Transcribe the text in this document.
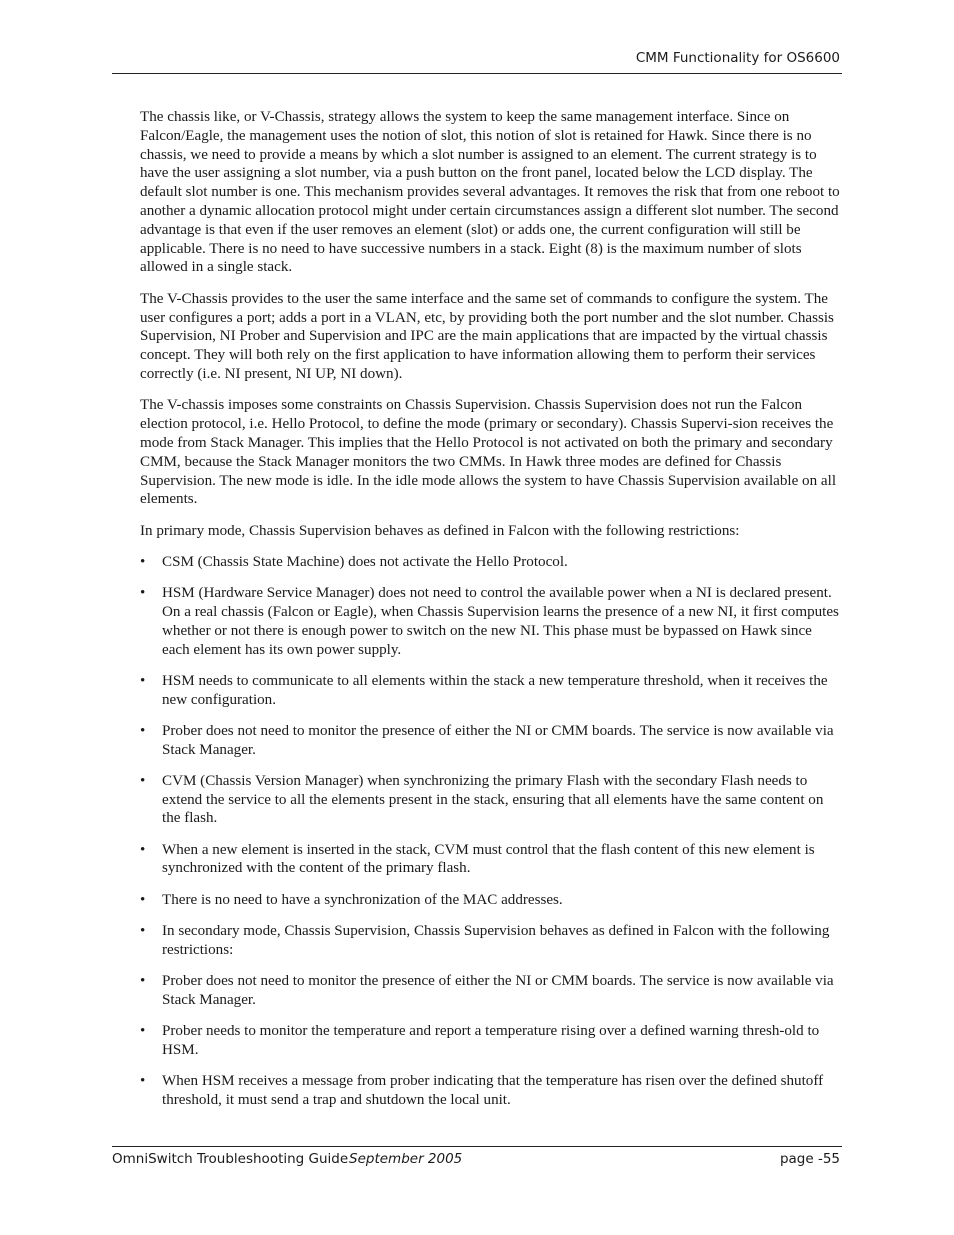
CMM Functionality for OS6600

The chassis like, or V-Chassis, strategy allows the system to keep the same management interface. Since on Falcon/Eagle, the management uses the notion of slot, this notion of slot is retained for Hawk. Since there is no chassis, we need to provide a means by which a slot number is assigned to an element. The current strategy is to have the user assigning a slot number, via a push button on the front panel, located below the LCD display. The default slot number is one. This mechanism provides several advantages. It removes the risk that from one reboot to another a dynamic allocation protocol might under certain circumstances assign a different slot number. The second advantage is that even if the user removes an element (slot) or adds one, the current configuration will still be applicable. There is no need to have successive numbers in a stack. Eight (8) is the maximum number of slots allowed in a single stack.

The V-Chassis provides to the user the same interface and the same set of commands to configure the system. The user configures a port; adds a port in a VLAN, etc, by providing both the port number and the slot number. Chassis Supervision, NI Prober and Supervision and IPC are the main applications that are impacted by the virtual chassis concept. They will both rely on the first application to have information allowing them to perform their services correctly (i.e. NI present, NI UP, NI down).

The V-chassis imposes some constraints on Chassis Supervision. Chassis Supervision does not run the Falcon election protocol, i.e. Hello Protocol, to define the mode (primary or secondary). Chassis Supervi-sion receives the mode from Stack Manager. This implies that the Hello Protocol is not activated on both the primary and secondary CMM, because the Stack Manager monitors the two CMMs. In Hawk three modes are defined for Chassis Supervision. The new mode is idle. In the idle mode allows the system to have Chassis Supervision available on all elements.

In primary mode, Chassis Supervision behaves as defined in Falcon with the following restrictions:

• CSM (Chassis State Machine) does not activate the Hello Protocol.
• HSM (Hardware Service Manager) does not need to control the available power when a NI is declared present. On a real chassis (Falcon or Eagle), when Chassis Supervision learns the presence of a new NI, it first computes whether or not there is enough power to switch on the new NI. This phase must be bypassed on Hawk since each element has its own power supply.
• HSM needs to communicate to all elements within the stack a new temperature threshold, when it receives the new configuration.
• Prober does not need to monitor the presence of either the NI or CMM boards. The service is now available via Stack Manager.
• CVM (Chassis Version Manager) when synchronizing the primary Flash with the secondary Flash needs to extend the service to all the elements present in the stack, ensuring that all elements have the same content on the flash.
• When a new element is inserted in the stack, CVM must control that the flash content of this new element is synchronized with the content of the primary flash.
• There is no need to have a synchronization of the MAC addresses.
• In secondary mode, Chassis Supervision, Chassis Supervision behaves as defined in Falcon with the following restrictions:
• Prober does not need to monitor the presence of either the NI or CMM boards. The service is now available via Stack Manager.
• Prober needs to monitor the temperature and report a temperature rising over a defined warning thresh-old to HSM.
• When HSM receives a message from prober indicating that the temperature has risen over the defined shutoff threshold, it must send a trap and shutdown the local unit.
OmniSwitch Troubleshooting Guide September 2005	page -55
